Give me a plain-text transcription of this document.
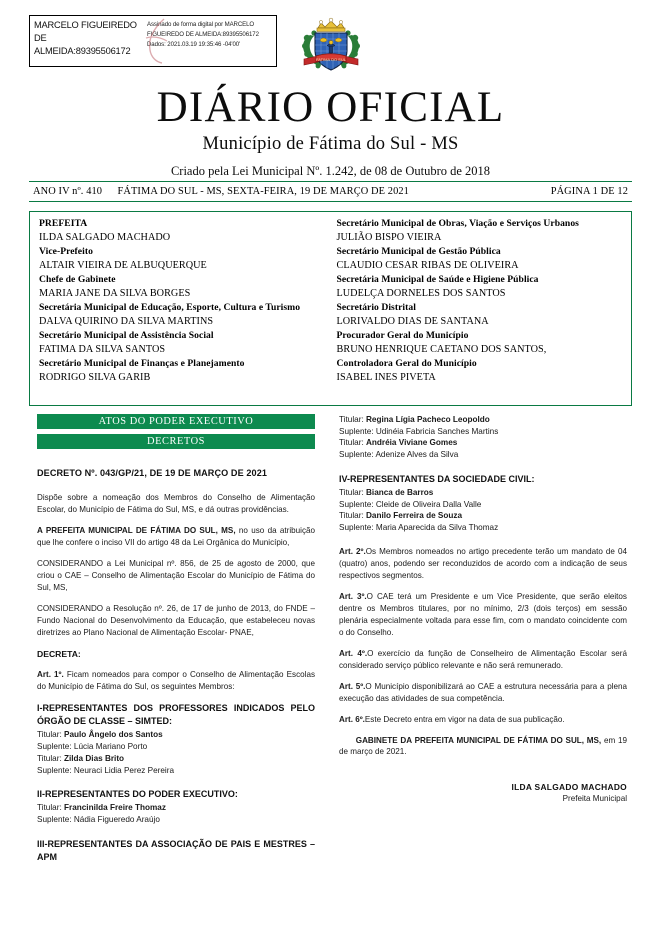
MARCELO FIGUEIREDO DE ALMEIDA:89395506172
Assinado de forma digital por MARCELO FIGUEIREDO DE ALMEIDA:89395506172 Dados: 2021.03.19 19:35:46 -04'00'
FATIMA DO SUL
DIÁRIO OFICIAL
Município de Fátima do Sul - MS
Criado pela Lei Municipal Nº. 1.242, de 08 de Outubro de 2018
ANO IV nº. 410 FÁTIMA DO SUL - MS, SEXTA-FEIRA, 19 DE MARÇO DE 2021	PÁGINA 1 DE 12
PREFEITA
ILDA SALGADO MACHADO
Vice-Prefeito
ALTAIR VIEIRA DE ALBUQUERQUE
Chefe de Gabinete
MARIA JANE DA SILVA BORGES
Secretária Municipal de Educação, Esporte, Cultura e Turismo
DALVA QUIRINO DA SILVA MARTINS
Secretário Municipal de Assistência Social
FATIMA DA SILVA SANTOS
Secretário Municipal de Finanças e Planejamento
RODRIGO SILVA GARIB
Secretário Municipal de Obras, Viação e Serviços Urbanos
JULIÃO BISPO VIEIRA
Secretário Municipal de Gestão Pública
CLAUDIO CESAR RIBAS DE OLIVEIRA
Secretária Municipal de Saúde e Higiene Pública
LUDELÇA DORNELES DOS SANTOS
Secretário Distrital
LORIVALDO DIAS DE SANTANA
Procurador Geral do Município
BRUNO HENRIQUE CAETANO DOS SANTOS,
Controladora Geral do Município
ISABEL INES PIVETA
ATOS DO PODER EXECUTIVO
DECRETOS
DECRETO Nº. 043/GP/21, DE 19 DE MARÇO DE 2021

Dispõe sobre a nomeação dos Membros do Conselho de Alimentação Escolar, do Município de Fátima do Sul, MS, e dá outras providências.

A PREFEITA MUNICIPAL DE FÁTIMA DO SUL, MS, no uso da atribuição que lhe confere o inciso VII do artigo 48 da Lei Orgânica do Município,

CONSIDERANDO a Lei Municipal nº. 856, de 25 de agosto de 2000, que criou o CAE – Conselho de Alimentação Escolar do Município de Fátima do Sul, MS,

CONSIDERANDO a Resolução nº. 26, de 17 de junho de 2013, do FNDE – Fundo Nacional do Desenvolvimento da Educação, que estabeleceu novas diretrizes ao Plano Nacional de Alimentação Escolar- PNAE,

DECRETA:

Art. 1º. Ficam nomeados para compor o Conselho de Alimentação Escolas do Município de Fátima do Sul, os seguintes Membros:

I-REPRESENTANTES DOS PROFESSORES INDICADOS PELO ÓRGÃO DE CLASSE – SIMTED:

Titular: Paulo Ângelo dos Santos

Suplente: Lúcia Mariano Porto

Titular: Zilda Dias Brito

Suplente: Neuraci Lidia Perez Pereira

II-REPRESENTANTES DO PODER EXECUTIVO:

Titular: Francinilda Freire Thomaz

Suplente: Nádia Figueredo Araújo

III-REPRESENTANTES DA ASSOCIAÇÃO DE PAIS E MESTRES – APM

Titular: Regina Lígia Pacheco Leopoldo

Suplente: Udinéia Fabricia Sanches Martins

Titular: Andréia Viviane Gomes

Suplente: Adenize Alves da Silva

IV-REPRESENTANTES DA SOCIEDADE CIVIL:

Titular: Bianca de Barros

Suplente: Cleide de Oliveira Dalla Valle

Titular: Danilo Ferreira de Souza

Suplente: Maria Aparecida da Silva Thomaz

Art. 2º.Os Membros nomeados no artigo precedente terão um mandato de 04 (quatro) anos, podendo ser reconduzidos de acordo com a indicação de seus respectivos segmentos.

Art. 3º.O CAE terá um Presidente e um Vice Presidente, que serão eleitos dentre os Membros titulares, por no mínimo, 2/3 (dois terços) em sessão plenária especialmente voltada para esse fim, com o mandato coincidente com o do Conselho.

Art. 4º.O exercício da função de Conselheiro de Alimentação Escolar será considerado serviço público relevante e não será remunerado.

Art. 5º.O Município disponibilizará ao CAE a estrutura necessária para a plena execução das atividades de sua competência.

Art. 6º.Este Decreto entra em vigor na data de sua publicação.

GABINETE DA PREFEITA MUNICIPAL DE FÁTIMA DO SUL, MS, em 19 de março de 2021.

ILDA SALGADO MACHADO
Prefeita Municipal
